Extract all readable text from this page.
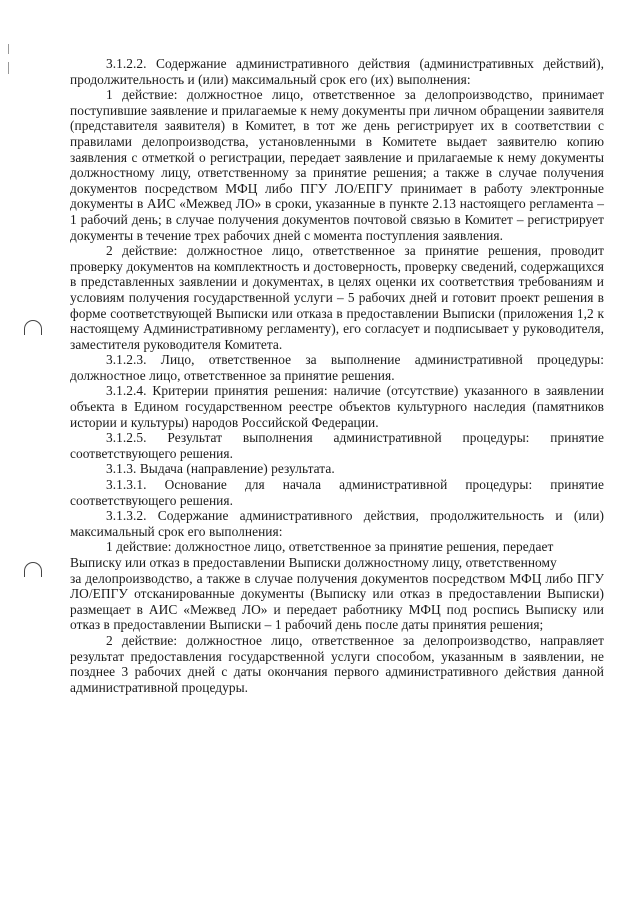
3.1.2.2. Содержание административного действия (административных действий), продолжительность и (или) максимальный срок его (их) выполнения:

1 действие: должностное лицо, ответственное за делопроизводство, принимает поступившие заявление и прилагаемые к нему документы при личном обращении заявителя (представителя заявителя) в Комитет, в тот же день регистрирует их в соответствии с правилами делопроизводства, установленными в Комитете выдает заявителю копию заявления с отметкой о регистрации, передает заявление и прилагаемые к нему документы должностному лицу, ответственному за принятие решения; а также в случае получения документов посредством МФЦ либо ПГУ ЛО/ЕПГУ принимает в работу электронные документы в АИС «Межвед ЛО» в сроки, указанные в пункте 2.13 настоящего регламента – 1 рабочий день; в случае получения документов почтовой связью в Комитет – регистрирует документы в течение трех рабочих дней с момента поступления заявления.

2 действие: должностное лицо, ответственное за принятие решения, проводит проверку документов на комплектность и достоверность, проверку сведений, содержащихся в представленных заявлении и документах, в целях оценки их соответствия требованиям и условиям получения государственной услуги – 5 рабочих дней и готовит проект решения в форме соответствующей Выписки или отказа в предоставлении Выписки (приложения 1,2 к настоящему Административному регламенту), его согласует и подписывает у руководителя, заместителя руководителя Комитета.

3.1.2.3. Лицо, ответственное за выполнение административной процедуры: должностное лицо, ответственное за принятие решения.

3.1.2.4. Критерии принятия решения: наличие (отсутствие) указанного в заявлении объекта в Едином государственном реестре объектов культурного наследия (памятников истории и культуры) народов Российской Федерации.

3.1.2.5. Результат выполнения административной процедуры: принятие соответствующего решения.

3.1.3. Выдача (направление) результата.

3.1.3.1. Основание для начала административной процедуры: принятие соответствующего решения.

3.1.3.2. Содержание административного действия, продолжительность и (или) максимальный срок его выполнения:

1 действие: должностное лицо, ответственное за принятие решения, передает Выписку или отказ в предоставлении Выписки должностному лицу, ответственному

за делопроизводство, а также в случае получения документов посредством МФЦ либо ПГУ ЛО/ЕПГУ отсканированные документы (Выписку или отказ в предоставлении Выписки) размещает в АИС «Межвед ЛО» и передает работнику МФЦ под роспись Выписку или отказ в предоставлении Выписки – 1 рабочий день после даты принятия решения;

2 действие: должностное лицо, ответственное за делопроизводство, направляет результат предоставления государственной услуги способом, указанным в заявлении, не позднее 3 рабочих дней с даты окончания первого административного действия данной административной процедуры.
